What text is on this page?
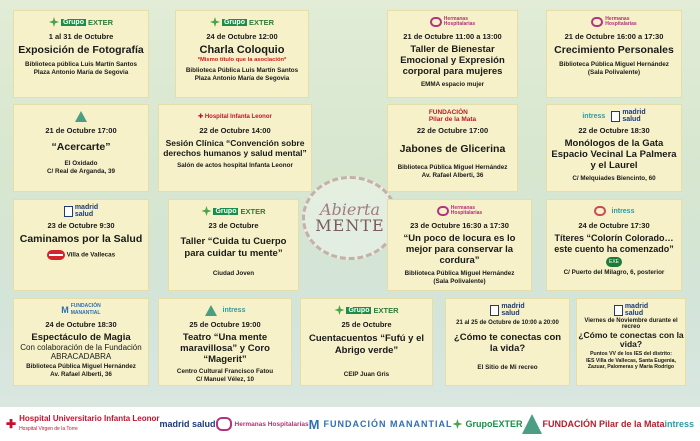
Grupo EXTER
1 al 31 de Octubre
Exposición de Fotografía
Biblioteca pública Luis Martín Santos
Plaza Antonio María de Segovia
Grupo EXTER
24 de Octubre 12:00
Charla Coloquio
*Mismo título que la asociación*
Biblioteca Pública Luis Martín Santos
Plaza Antonio María de Segovia
Hermanas
Hospitalarias
21 de Octubre 11:00 a 13:00
Taller de Bienestar Emocional y Expresión corporal para mujeres
EMMA espacio mujer
Hermanas
Hospitalarias
21 de Octubre 16:00 a 17:30
Crecimiento Personales
Biblioteca Pública Miguel Hernández
(Sala Polivalente)
21 de Octubre 17:00
“Acercarte”
El Oxidado
C/ Real de Arganda, 39
✚ Hospital Infanta Leonor
22 de Octubre 14:00
Sesión Clínica “Convención sobre derechos humanos y salud mental”
Salón de actos hospital Infanta Leonor
FUNDACIÓN
Pilar de la Mata
22 de Octubre 17:00
Jabones de Glicerina
Biblioteca Pública Miguel Hernández
Av. Rafael Alberti, 36
intress	madrid
salud
22 de Octubre 18:30
Monólogos de la Gata Espacio Vecinal La Palmera y el Laurel
C/ Melquiades Biencinto, 60
madrid
salud
23 de Octubre 9:30
Caminamos por la Salud
Villa de Vallecas
Grupo EXTER
23 de Octubre
Taller “Cuida tu Cuerpo para cuidar tu mente”
Ciudad Joven
Abierta
MENTE
Hermanas
Hospitalarias
23 de Octubre 16:30 a 17:30
“Un poco de locura es lo mejor para conservar la cordura”
Biblioteca Pública Miguel Hernández
(Sala Polivalente)
intress
24 de Octubre 17:30
Títeres “Colorín Colorado… este cuento ha comenzado”
EXE
C/ Puerto del Milagro, 6, posterior
M FUNDACIÓN
MANANTIAL
24 de Octubre 18:30
Espectáculo de Magia
Con colaboración de la Fundación ABRACADABRA
Biblioteca Pública Miguel Hernández
Av. Rafael Alberti, 36
intress
25 de Octubre 19:00
Teatro “Una mente maravillosa” y Coro “Magerit”
Centro Cultural Francisco Fatou
C/ Manuel Vélez, 10
Grupo EXTER
25 de Octubre
Cuentacuentos “Fufú y el Abrigo verde”
CEIP Juan Gris
madrid
salud
21 al 25 de Octubre de 10:00 a 20:00
¿Cómo te conectas con la vida?
El Sitio de Mi recreo
madrid
salud
Viernes de Noviembre durante el recreo
¿Cómo te conectas con la vida?
Puntos VV de los IES del distrito:
IES Villa de Vallecas, Santa Eugenia,
Zazuar, Palomeras y María Rodrigo
✚ Hospital Universitario Infanta Leonor
Hospital Virgen de la Torre	madrid salud	Hermanas Hospitalarias M FUNDACIÓN MANANTIAL GrupoEXTER FUNDACIÓN Pilar de la Mata intress
